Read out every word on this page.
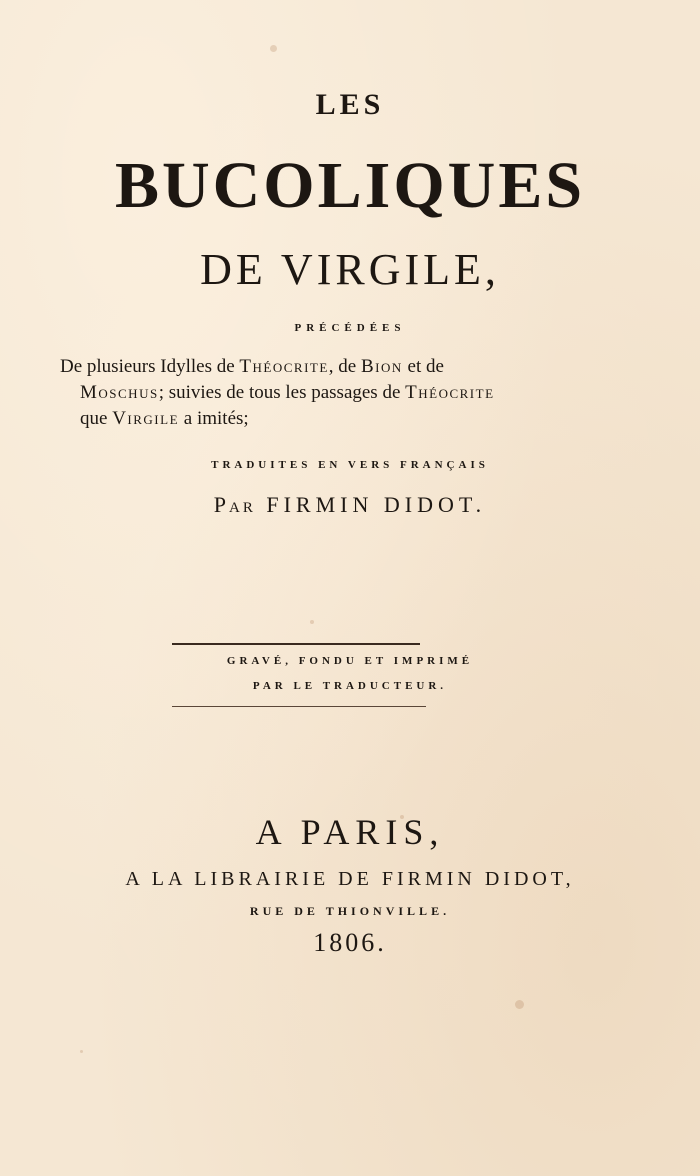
LES
BUCOLIQUES
DE VIRGILE,
PRÉCÉDÉES
De plusieurs Idylles de Théocrite, de Bion et de
Moschus; suivies de tous les passages de Théocrite
que Virgile a imités;
TRADUITES EN VERS FRANÇAIS
Par FIRMIN DIDOT.
GRAVÉ, FONDU ET IMPRIMÉ
PAR LE TRADUCTEUR.
A PARIS,
A LA LIBRAIRIE DE FIRMIN DIDOT,
RUE DE THIONVILLE.
1806.
